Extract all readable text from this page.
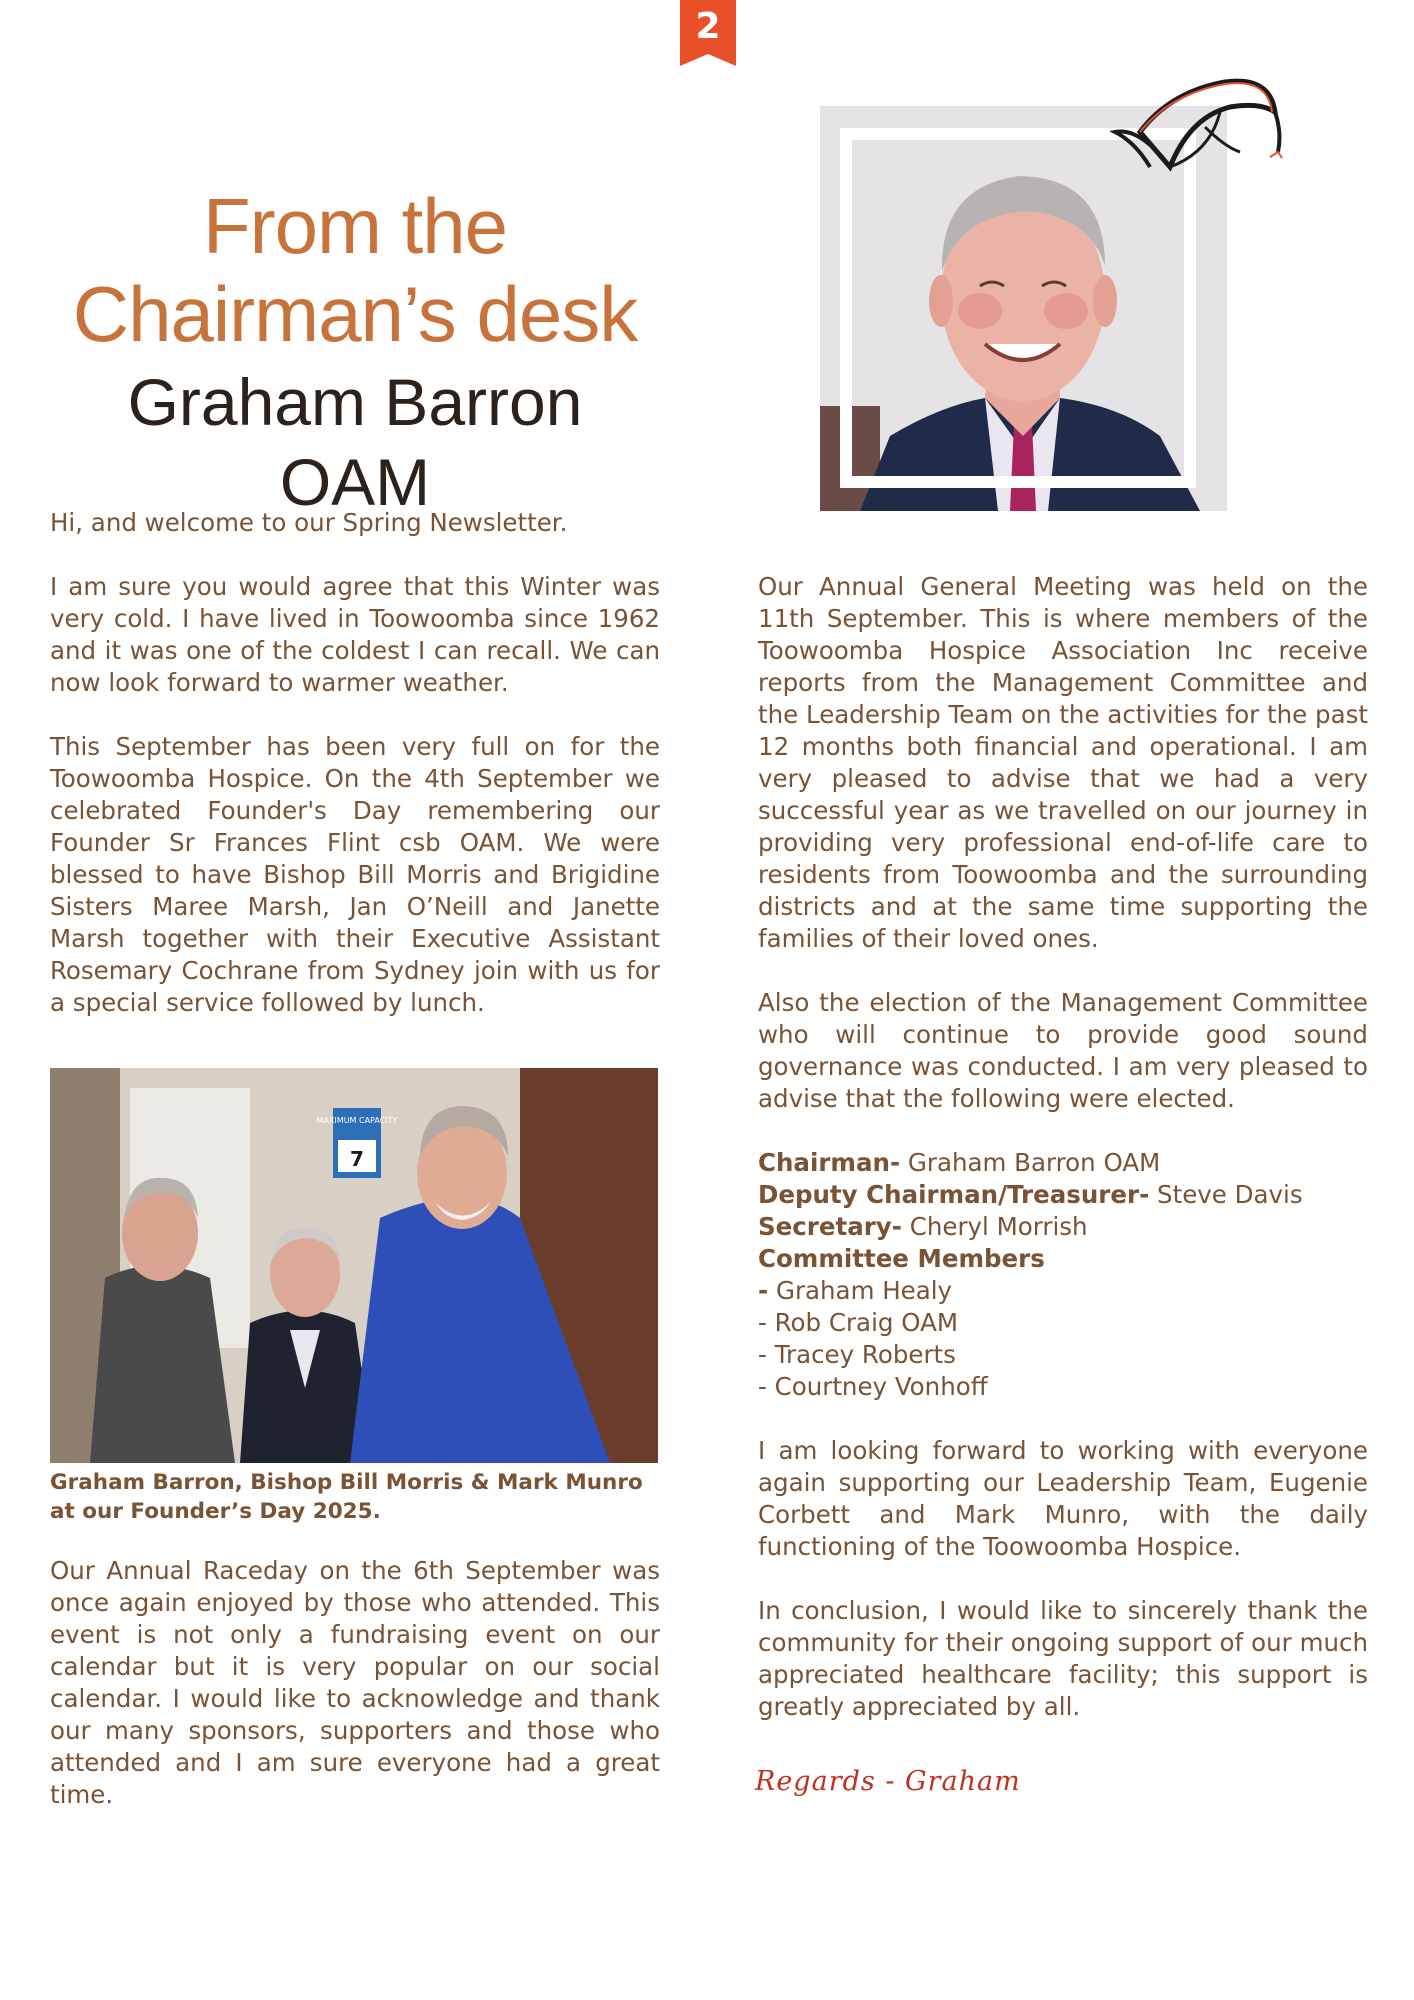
2
From the
Chairman’s desk
Graham Barron OAM

Hi, and welcome to our Spring Newsletter.

I am sure you would agree that this Winter was very cold. I have lived in Toowoomba since 1962 and it was one of the coldest I can recall. We can now look forward to warmer weather.

This September has been very full on for the Toowoomba Hospice. On the 4th September we celebrated Founder's Day remembering our Founder Sr Frances Flint csb OAM. We were blessed to have Bishop Bill Morris and Brigidine Sisters Maree Marsh, Jan O’Neill and Janette Marsh together with their Executive Assistant Rosemary Cochrane from Sydney join with us for a special service followed by lunch.

MAXIMUM CAPACITY
7
Graham Barron, Bishop Bill Morris & Mark Munro at our Founder’s Day 2025.

Our Annual Raceday on the 6th September was once again enjoyed by those who attended. This event is not only a fundraising event on our calendar but it is very popular on our social calendar. I would like to acknowledge and thank our many sponsors, supporters and those who attended and I am sure everyone had a great time.

Our Annual General Meeting was held on the 11th September. This is where members of the Toowoomba Hospice Association Inc receive reports from the Management Committee and the Leadership Team on the activities for the past 12 months both financial and operational. I am very pleased to advise that we had a very successful year as we travelled on our journey in providing very professional end-of-life care to residents from Toowoomba and the surrounding districts and at the same time supporting the families of their loved ones.

Also the election of the Management Committee who will continue to provide good sound governance was conducted. I am very pleased to advise that the following were elected.

Chairman- Graham Barron OAM
Deputy Chairman/Treasurer- Steve Davis
Secretary- Cheryl Morrish
Committee Members
- Graham Healy
- Rob Craig OAM
- Tracey Roberts
- Courtney Vonhoff

I am looking forward to working with everyone again supporting our Leadership Team, Eugenie Corbett and Mark Munro, with the daily functioning of the Toowoomba Hospice.

In conclusion, I would like to sincerely thank the community for their ongoing support of our much appreciated healthcare facility; this support is greatly appreciated by all.

Regards - Graham
